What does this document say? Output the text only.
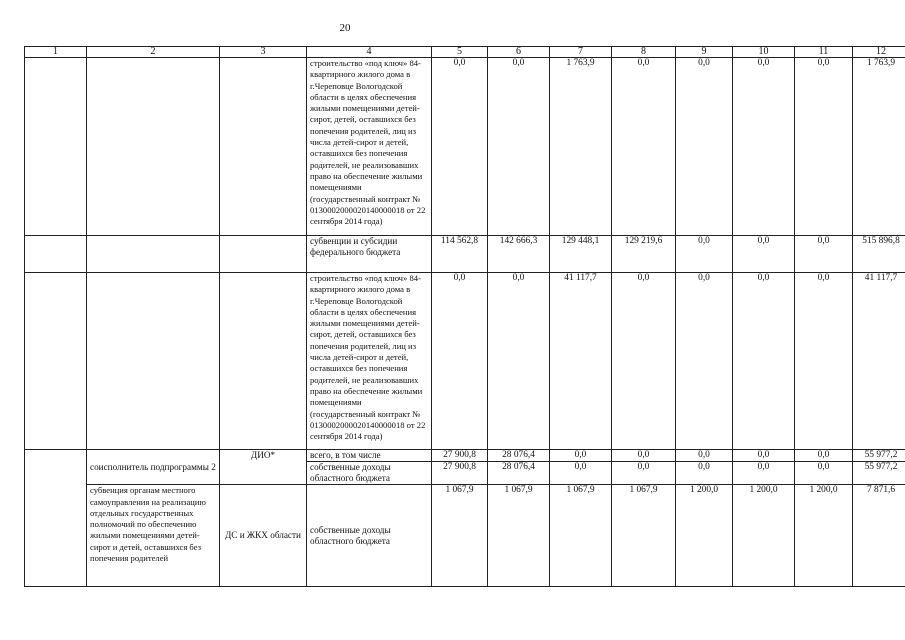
20
1	2	3	4	5	6	7	8	9	10	11	12
			строительство «под ключ» 84-квартирного жилого дома в г.Череповце Вологодской области в целях обеспечения жилыми помещениями детей-сирот, детей, оставшихся без попечения родителей, лиц из числа детей-сирот и детей, оставшихся без попечения родителей, не реализовавших право на обеспечение жилыми помещениями (государственный контракт № 0130002000020140000018 от 22 сентября 2014 года)	0,0	0,0	1 763,9	0,0	0,0	0,0	0,0	1 763,9
			субвенции и субсидии федерального бюджета	114 562,8	142 666,3	129 448,1	129 219,6	0,0	0,0	0,0	515 896,8
			строительство «под ключ» 84-квартирного жилого дома в г.Череповце Вологодской области в целях обеспечения жилыми помещениями детей-сирот, детей, оставшихся без попечения родителей, лиц из числа детей-сирот и детей, оставшихся без попечения родителей, не реализовавших право на обеспечение жилыми помещениями (государственный контракт № 0130002000020140000018 от 22 сентября 2014 года)	0,0	0,0	41 117,7	0,0	0,0	0,0	0,0	41 117,7
	соисполнитель подпрограммы 2	ДИО*	всего, в том числе	27 900,8	28 076,4	0,0	0,0	0,0	0,0	0,0	55 977,2
			собственные доходы областного бюджета	27 900,8	28 076,4	0,0	0,0	0,0	0,0	0,0	55 977,2
	субвенция органам местного самоуправления на реализацию отдельных государственных полномочий по обеспечению жилыми помещениями детей-сирот и детей, оставшихся без попечения родителей	ДС и ЖКХ области	собственные доходы областного бюджета	1 067,9	1 067,9	1 067,9	1 067,9	1 200,0	1 200,0	1 200,0	7 871,6
